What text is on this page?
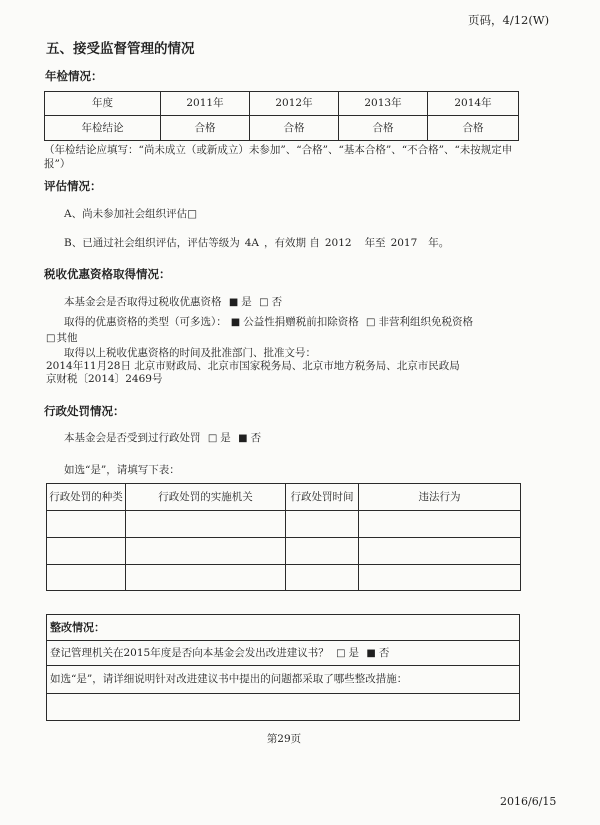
页码，4/12(W)
五、接受监督管理的情况
年检情况：
年度	2011年	2012年	2013年	2014年
年检结论	合格	合格	合格	合格
（年检结论应填写：“尚未成立（或新成立）未参加”、“合格”、“基本合格”、“不合格”、“未按规定申报”）
评估情况：
A、尚未参加社会组织评估□
B、已通过社会组织评估，评估等级为 4A ，有效期 自 2012 年至 2017 年。
税收优惠资格取得情况：
本基金会是否取得过税收优惠资格 ■ 是 □ 否
取得的优惠资格的类型（可多选）： ■ 公益性捐赠税前扣除资格 □ 非营利组织免税资格
□其他
取得以上税收优惠资格的时间及批准部门、批准文号：
2014年11月28日 北京市财政局、北京市国家税务局、北京市地方税务局、北京市民政局
京财税〔2014〕2469号
行政处罚情况：
本基金会是否受到过行政处罚 □ 是 ■ 否
如选“是”，请填写下表：
行政处罚的种类	行政处罚的实施机关	行政处罚时间	违法行为

整改情况：
登记管理机关在2015年度是否向本基金会发出改进建议书？ □ 是 ■ 否
如选“是”，请详细说明针对改进建议书中提出的问题都采取了哪些整改措施：

第29页
2016/6/15
